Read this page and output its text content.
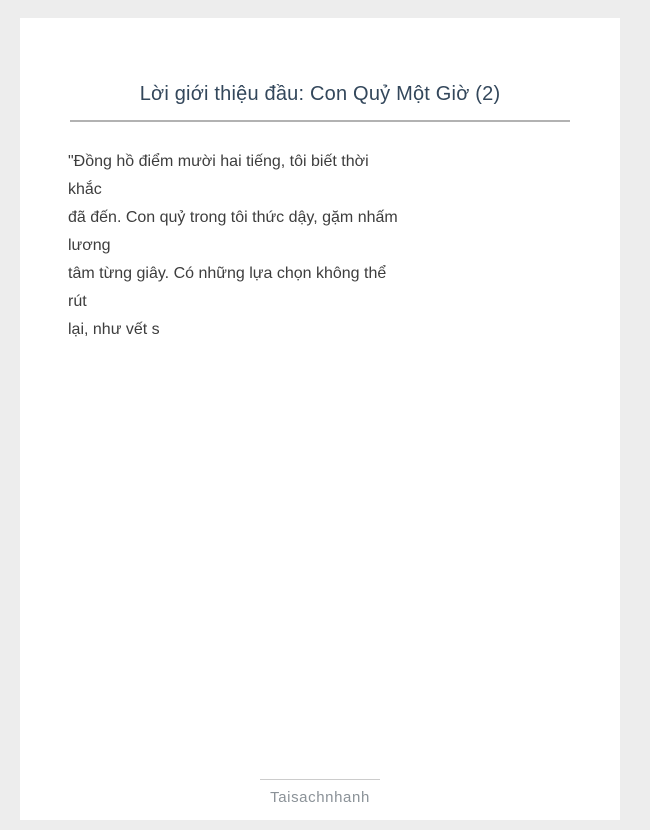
Lời giới thiệu đầu: Con Quỷ Một Giờ (2)

"Đồng hồ điểm mười hai tiếng, tôi biết thời

khắc

đã đến. Con quỷ trong tôi thức dậy, gặm nhấm

lương

tâm từng giây. Có những lựa chọn không thể

rút

lại, như vết s

Taisachnhanh
